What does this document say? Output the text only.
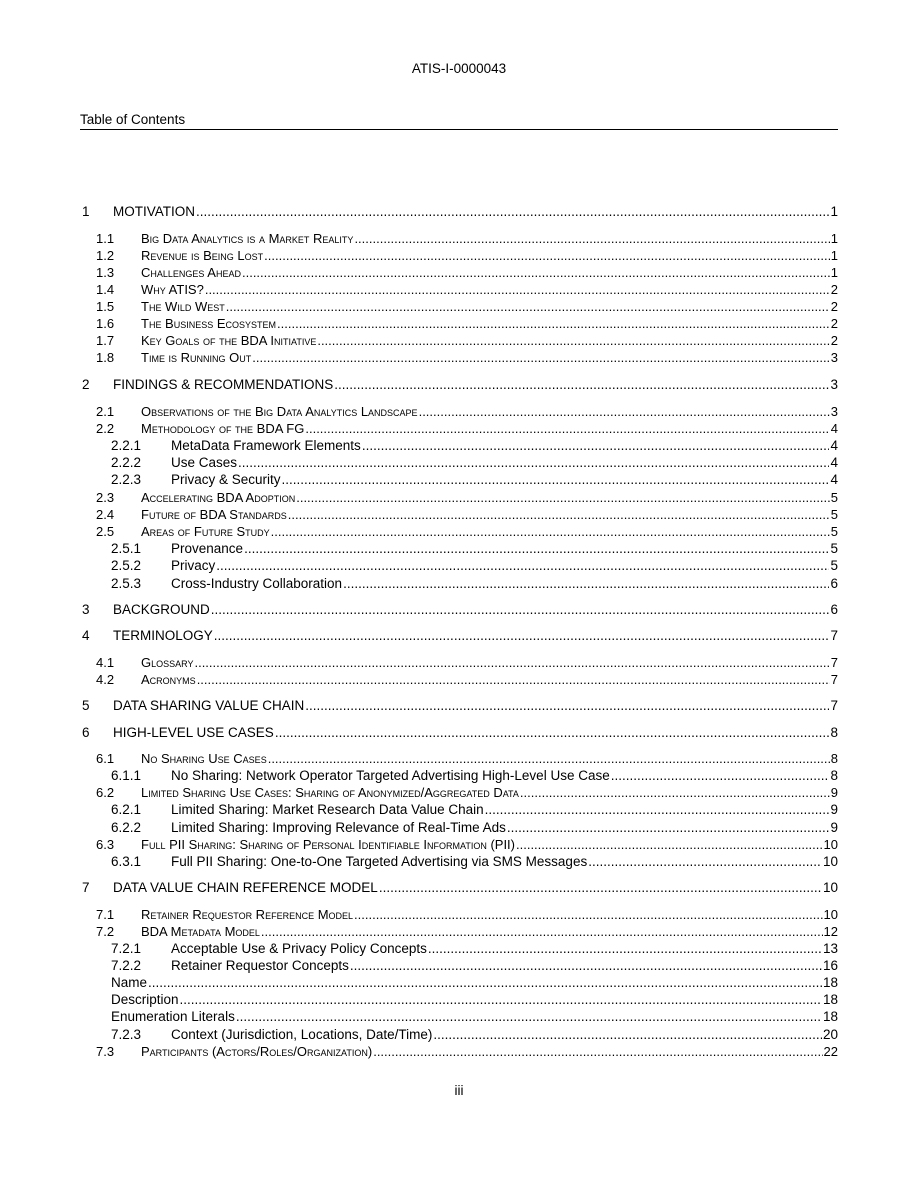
ATIS-I-0000043
Table of Contents
1	MOTIVATION .....	1
1.1	Big Data Analytics is a Market Reality .....	1
1.2	Revenue is Being Lost .....	1
1.3	Challenges Ahead .....	1
1.4	Why ATIS? .....	2
1.5	The Wild West .....	2
1.6	The Business Ecosystem .....	2
1.7	Key Goals of the BDA Initiative .....	2
1.8	Time is Running Out .....	3
2	FINDINGS & RECOMMENDATIONS .....	3
2.1	Observations of the Big Data Analytics Landscape .....	3
2.2	Methodology of the BDA FG .....	4
2.2.1	MetaData Framework Elements .....	4
2.2.2	Use Cases .....	4
2.2.3	Privacy & Security .....	4
2.3	Accelerating BDA Adoption .....	5
2.4	Future of BDA Standards .....	5
2.5	Areas of Future Study .....	5
2.5.1	Provenance .....	5
2.5.2	Privacy .....	5
2.5.3	Cross-Industry Collaboration .....	6
3	BACKGROUND .....	6
4	TERMINOLOGY .....	7
4.1	Glossary .....	7
4.2	Acronyms .....	7
5	DATA SHARING VALUE CHAIN .....	7
6	HIGH-LEVEL USE CASES .....	8
6.1	No Sharing Use Cases .....	8
6.1.1	No Sharing: Network Operator Targeted Advertising High-Level Use Case .....	8
6.2	Limited Sharing Use Cases: Sharing of Anonymized/Aggregated Data .....	9
6.2.1	Limited Sharing: Market Research Data Value Chain .....	9
6.2.2	Limited Sharing: Improving Relevance of Real-Time Ads .....	9
6.3	Full PII Sharing: Sharing of Personal Identifiable Information (PII) .....	10
6.3.1	Full PII Sharing: One-to-One Targeted Advertising via SMS Messages .....	10
7	DATA VALUE CHAIN REFERENCE MODEL .....	10
7.1	Retainer Requestor Reference Model .....	10
7.2	BDA Metadata Model .....	12
7.2.1	Acceptable Use & Privacy Policy Concepts .....	13
7.2.2	Retainer Requestor Concepts .....	16
Name .....	18
Description .....	18
Enumeration Literals .....	18
7.2.3	Context (Jurisdiction, Locations, Date/Time) .....	20
7.3	Participants (Actors/Roles/Organization) .....	22
iii
